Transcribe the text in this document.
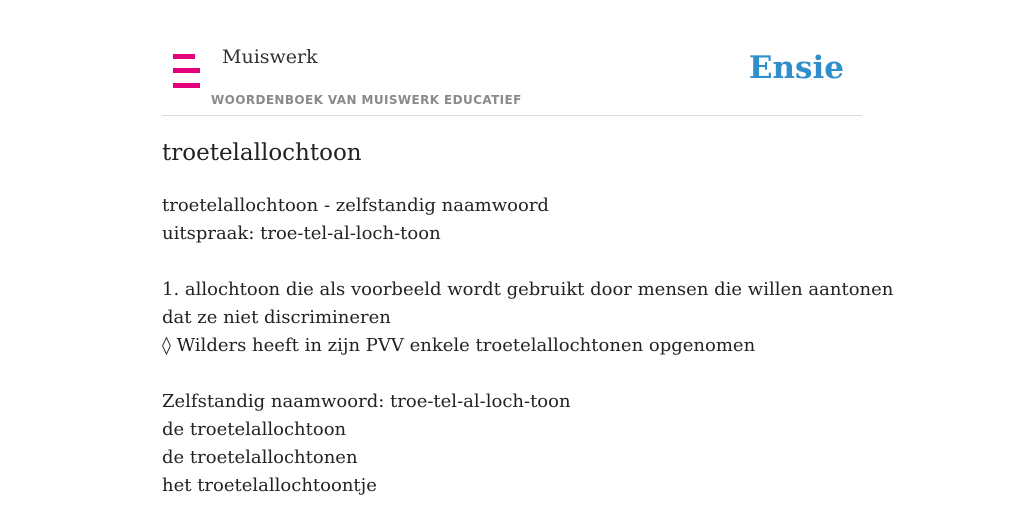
Muiswerk
WOORDENBOEK VAN MUISWERK EDUCATIEF
Ensie
troetelallochtoon
troetelallochtoon - zelfstandig naamwoord
uitspraak: troe-tel-al-loch-toon
1. allochtoon die als voorbeeld wordt gebruikt door mensen die willen aantonen
dat ze niet discrimineren
◊ Wilders heeft in zijn PVV enkele troetelallochtonen opgenomen
Zelfstandig naamwoord: troe-tel-al-loch-toon
de troetelallochtoon
de troetelallochtonen
het troetelallochtoontje
